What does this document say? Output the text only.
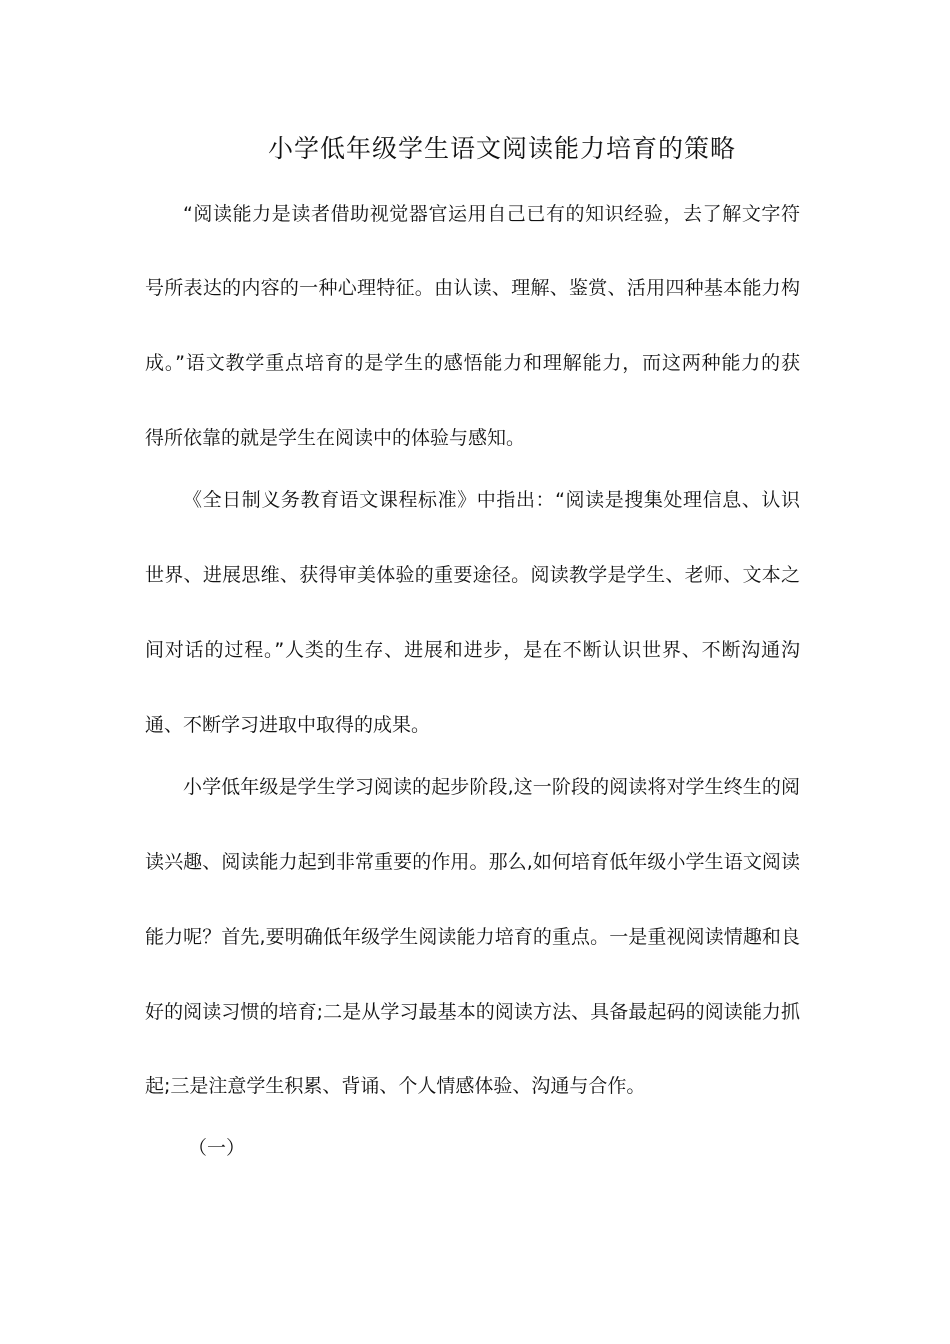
小学低年级学生语文阅读能力培育的策略
“阅读能力是读者借助视觉器官运用自己已有的知识经验，去了解文字符
号所表达的内容的一种心理特征。由认读、理解、鉴赏、活用四种基本能力构
成。”语文教学重点培育的是学生的感悟能力和理解能力，而这两种能力的获
得所依靠的就是学生在阅读中的体验与感知。
《全日制义务教育语文课程标准》中指出：“阅读是搜集处理信息、认识
世界、进展思维、获得审美体验的重要途径。阅读教学是学生、老师、文本之
间对话的过程。”人类的生存、进展和进步，是在不断认识世界、不断沟通沟
通、不断学习进取中取得的成果。
小学低年级是学生学习阅读的起步阶段,这一阶段的阅读将对学生终生的阅
读兴趣、阅读能力起到非常重要的作用。那么,如何培育低年级小学生语文阅读
能力呢？首先,要明确低年级学生阅读能力培育的重点。一是重视阅读情趣和良
好的阅读习惯的培育;二是从学习最基本的阅读方法、具备最起码的阅读能力抓
起;三是注意学生积累、背诵、个人情感体验、沟通与合作。
（一）
